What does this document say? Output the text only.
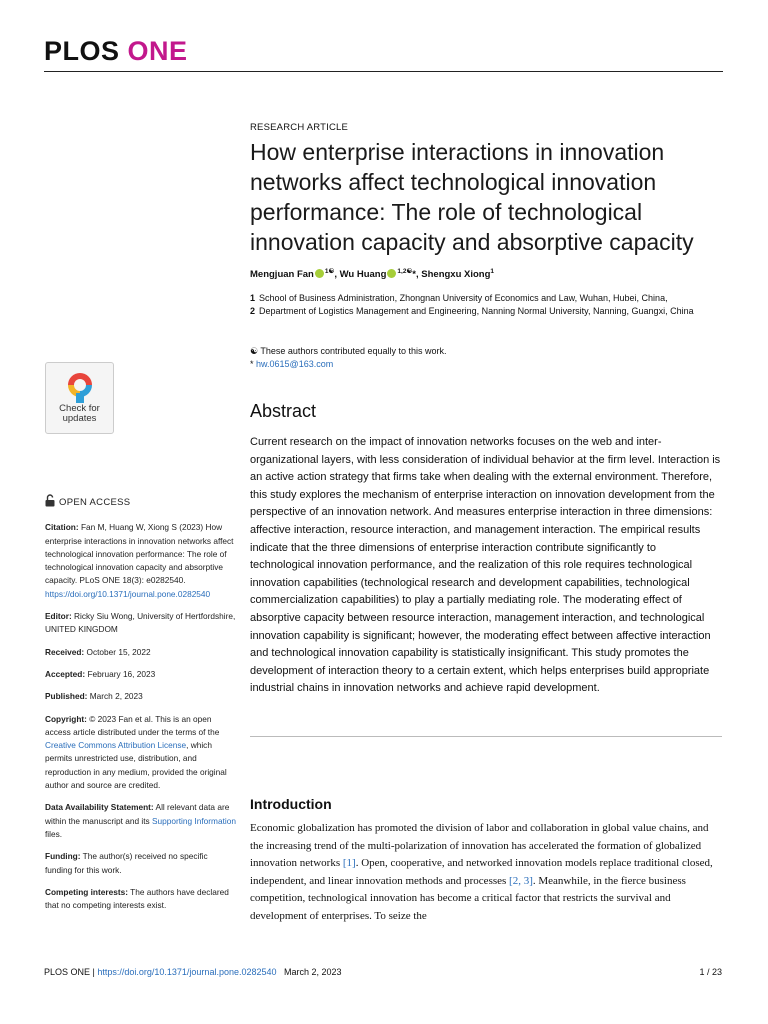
PLOS ONE
RESEARCH ARTICLE
How enterprise interactions in innovation networks affect technological innovation performance: The role of technological innovation capacity and absorptive capacity
Mengjuan Fan $^{1☯}$, Wu Huang $^{1,2☯}$*, Shengxu Xiong$^1$
1 School of Business Administration, Zhongnan University of Economics and Law, Wuhan, Hubei, China,
2 Department of Logistics Management and Engineering, Nanning Normal University, Nanning, Guangxi, China
☯ These authors contributed equally to this work.
* hw.0615@163.com
Abstract

Current research on the impact of innovation networks focuses on the web and inter-organizational layers, with less consideration of individual behavior at the firm level. Interaction is an active action strategy that firms take when dealing with the external environment. Therefore, this study explores the mechanism of enterprise interaction on innovation development from the perspective of an innovation network. And measures enterprise interaction in three dimensions: affective interaction, resource interaction, and management interaction. The empirical results indicate that the three dimensions of enterprise interaction contribute significantly to technological innovation performance, and the realization of this role requires technological innovation capabilities (technological research and development capabilities, technological commercialization capabilities) to play a partially mediating role. The moderating effect of absorptive capacity between resource interaction, management interaction, and technological innovation capability is significant; however, the moderating effect between affective interaction and technological innovation capability is statistically insignificant. This study promotes the development of interaction theory to a certain extent, which helps enterprises build appropriate industrial chains in innovation networks and achieve rapid development.

Introduction

Economic globalization has promoted the division of labor and collaboration in global value chains, and the increasing trend of the multi-polarization of innovation has accelerated the formation of globalized innovation networks [1]. Open, cooperative, and networked innovation models replace traditional closed, independent, and linear innovation methods and processes [2, 3]. Meanwhile, in the fierce business competition, technological innovation has become a critical factor that restricts the survival and development of enterprises. To seize the

Check for
updates
OPEN ACCESS

Citation: Fan M, Huang W, Xiong S (2023) How enterprise interactions in innovation networks affect technological innovation performance: The role of technological innovation capacity and absorptive capacity. PLoS ONE 18(3): e0282540. https://doi.org/10.1371/journal.pone.0282540

Editor: Ricky Siu Wong, University of Hertfordshire, UNITED KINGDOM

Received: October 15, 2022

Accepted: February 16, 2023

Published: March 2, 2023

Copyright: © 2023 Fan et al. This is an open access article distributed under the terms of the Creative Commons Attribution License, which permits unrestricted use, distribution, and reproduction in any medium, provided the original author and source are credited.

Data Availability Statement: All relevant data are within the manuscript and its Supporting Information files.

Funding: The author(s) received no specific funding for this work.

Competing interests: The authors have declared that no competing interests exist.

PLOS ONE | https://doi.org/10.1371/journal.pone.0282540 March 2, 2023	1 / 23
